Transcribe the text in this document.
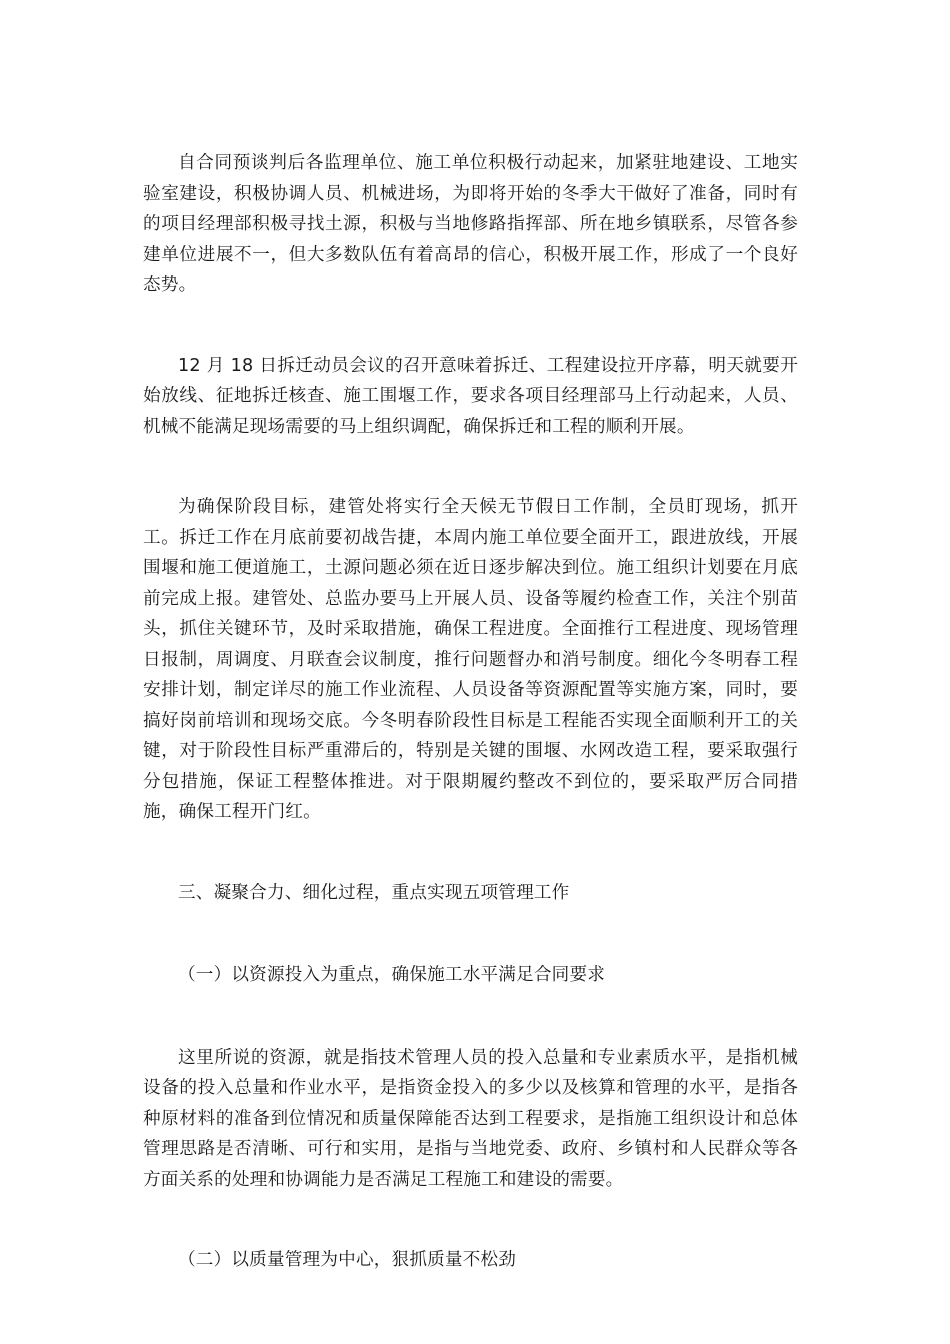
自合同预谈判后各监理单位、施工单位积极行动起来，加紧驻地建设、工地实验室建设，积极协调人员、机械进场，为即将开始的冬季大干做好了准备，同时有的项目经理部积极寻找土源，积极与当地修路指挥部、所在地乡镇联系，尽管各参建单位进展不一，但大多数队伍有着高昂的信心，积极开展工作，形成了一个良好态势。

12 月 18 日拆迁动员会议的召开意味着拆迁、工程建设拉开序幕，明天就要开始放线、征地拆迁核查、施工围堰工作，要求各项目经理部马上行动起来，人员、机械不能满足现场需要的马上组织调配，确保拆迁和工程的顺利开展。

为确保阶段目标，建管处将实行全天候无节假日工作制，全员盯现场，抓开工。拆迁工作在月底前要初战告捷，本周内施工单位要全面开工，跟进放线，开展围堰和施工便道施工，土源问题必须在近日逐步解决到位。施工组织计划要在月底前完成上报。建管处、总监办要马上开展人员、设备等履约检查工作，关注个别苗头，抓住关键环节，及时采取措施，确保工程进度。全面推行工程进度、现场管理日报制，周调度、月联查会议制度，推行问题督办和消号制度。细化今冬明春工程安排计划，制定详尽的施工作业流程、人员设备等资源配置等实施方案，同时，要搞好岗前培训和现场交底。今冬明春阶段性目标是工程能否实现全面顺利开工的关键，对于阶段性目标严重滞后的，特别是关键的围堰、水网改造工程，要采取强行分包措施，保证工程整体推进。对于限期履约整改不到位的，要采取严厉合同措施，确保工程开门红。

三、凝聚合力、细化过程，重点实现五项管理工作

（一）以资源投入为重点，确保施工水平满足合同要求

这里所说的资源，就是指技术管理人员的投入总量和专业素质水平，是指机械设备的投入总量和作业水平，是指资金投入的多少以及核算和管理的水平，是指各种原材料的准备到位情况和质量保障能否达到工程要求，是指施工组织设计和总体管理思路是否清晰、可行和实用，是指与当地党委、政府、乡镇村和人民群众等各方面关系的处理和协调能力是否满足工程施工和建设的需要。

（二）以质量管理为中心，狠抓质量不松劲
